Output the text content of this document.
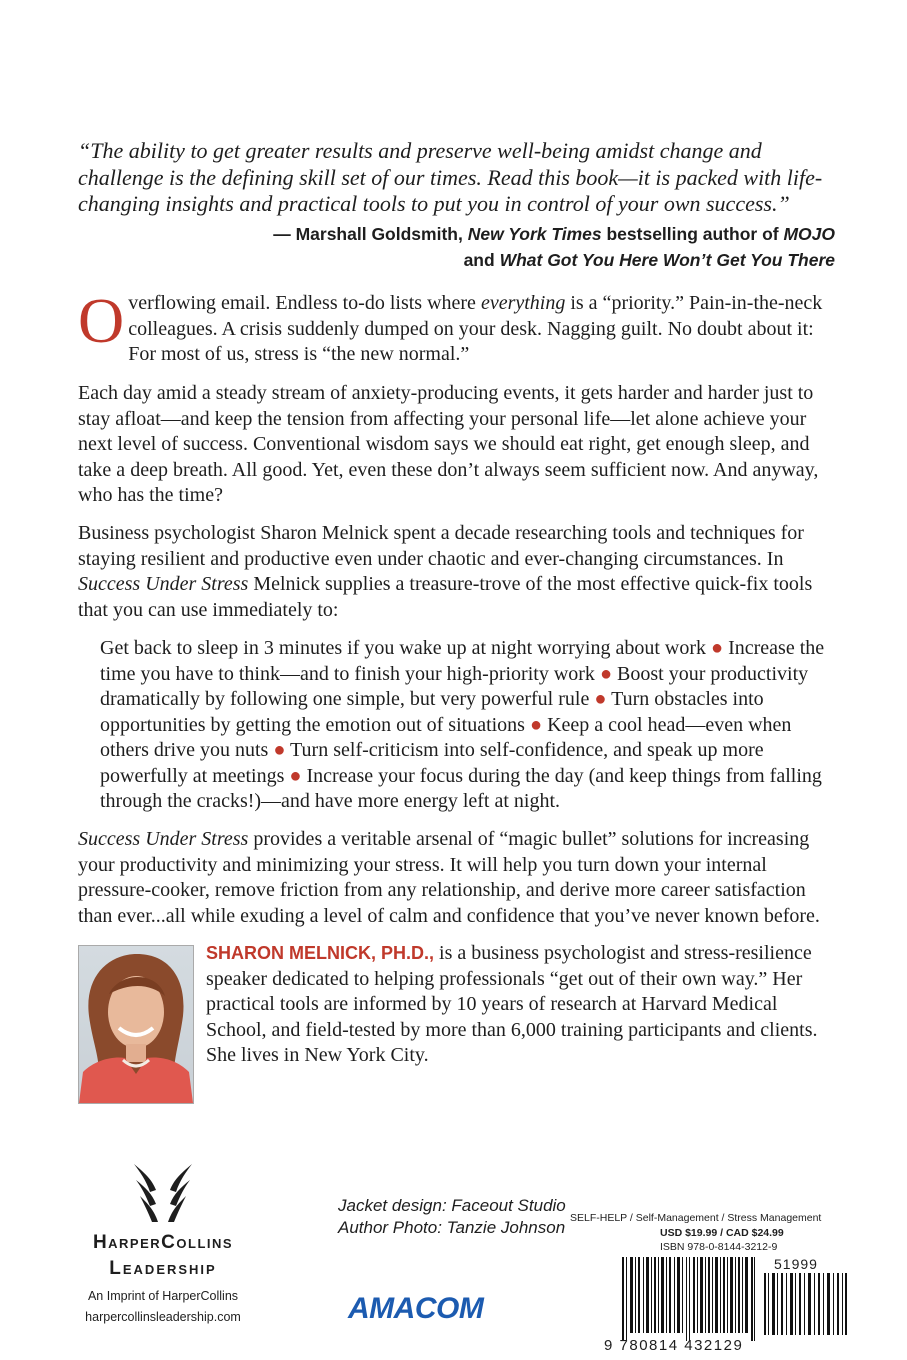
“The ability to get greater results and preserve well-being amidst change and challenge is the defining skill set of our times. Read this book—it is packed with life-changing insights and practical tools to put you in control of your own success.”
— Marshall Goldsmith, New York Times bestselling author of MOJO
and What Got You Here Won’t Get You There
Overflowing email. Endless to-do lists where everything is a “priority.” Pain-in-the-neck colleagues. A crisis suddenly dumped on your desk. Nagging guilt. No doubt about it: For most of us, stress is “the new normal.”
Each day amid a steady stream of anxiety-producing events, it gets harder and harder just to stay afloat—and keep the tension from affecting your personal life—let alone achieve your next level of success. Conventional wisdom says we should eat right, get enough sleep, and take a deep breath. All good. Yet, even these don’t always seem sufficient now. And anyway, who has the time?
Business psychologist Sharon Melnick spent a decade researching tools and techniques for staying resilient and productive even under chaotic and ever-changing circumstances. In Success Under Stress Melnick supplies a treasure-trove of the most effective quick-fix tools that you can use immediately to:
Get back to sleep in 3 minutes if you wake up at night worrying about work ● Increase the time you have to think—and to finish your high-priority work ● Boost your productivity dramatically by following one simple, but very powerful rule ● Turn obstacles into opportunities by getting the emotion out of situations ● Keep a cool head—even when others drive you nuts ● Turn self-criticism into self-confidence, and speak up more powerfully at meetings ● Increase your focus during the day (and keep things from falling through the cracks!)—and have more energy left at night.
Success Under Stress provides a veritable arsenal of “magic bullet” solutions for increasing your productivity and minimizing your stress. It will help you turn down your internal pressure-cooker, remove friction from any relationship, and derive more career satisfaction than ever...all while exuding a level of calm and confidence that you’ve never known before.
SHARON MELNICK, PH.D., is a business psychologist and stress-resilience speaker dedicated to helping professionals “get out of their own way.” Her practical tools are informed by 10 years of research at Harvard Medical School, and field-tested by more than 6,000 training participants and clients. She lives in New York City.
HarperCollins
Leadership
An Imprint of HarperCollins
harpercollinsleadership.com
Jacket design: Faceout Studio
Author Photo: Tanzie Johnson
AMACOM
SELF-HELP / Self-Management / Stress Management
USD $19.99 / CAD $24.99
ISBN 978-0-8144-3212-9
51999
9 780814 432129
